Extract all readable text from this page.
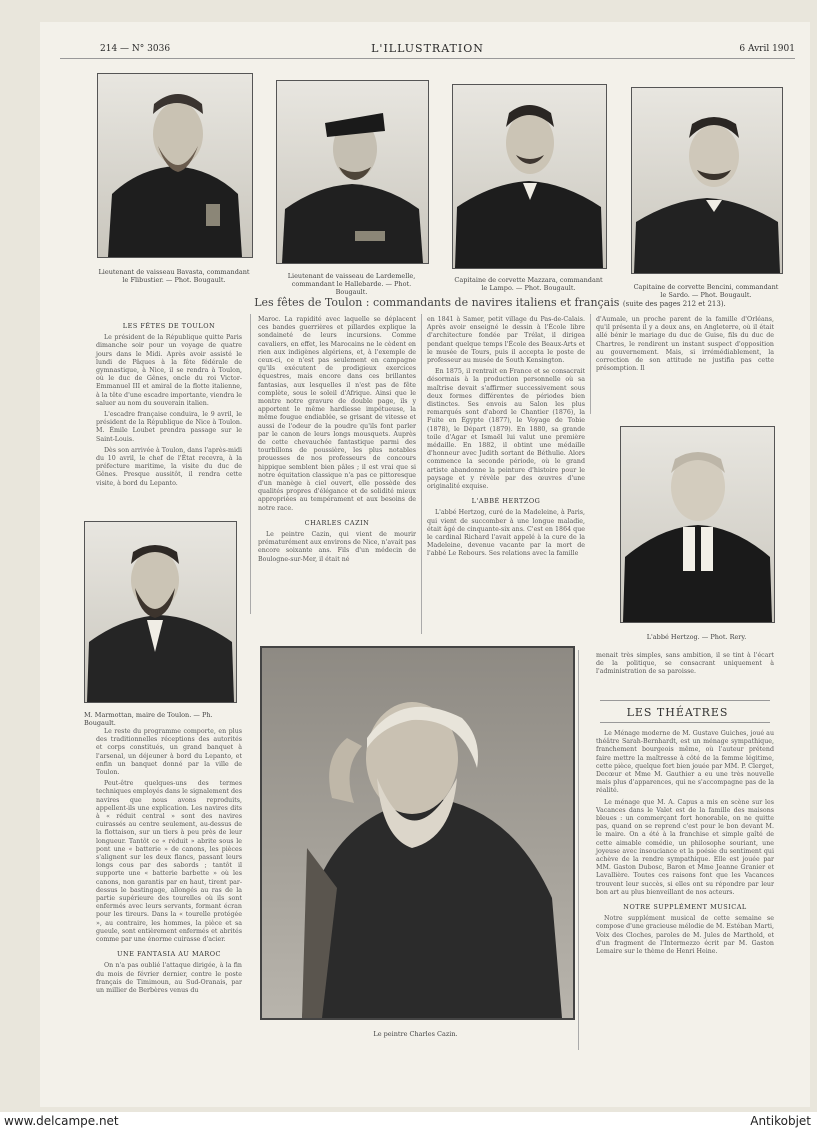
214 — N° 3036	L'ILLUSTRATION	6 Avril 1901
Lieutenant de vaisseau Bavasta, commandant le Flibustier. — Phot. Bougault.	Lieutenant de vaisseau de Lardemelle, commandant le Hallebarde. — Phot. Bougault.
Capitaine de corvette Mazzara, commandant le Lampo. — Phot. Bougault.	Capitaine de corvette Bencini, commandant le Sardo. — Phot. Bougault.
Les fêtes de Toulon : commandants de navires italiens et français (suite des pages 212 et 213).
LES FÊTES DE TOULON

Le président de la République quitte Paris dimanche soir pour un voyage de quatre jours dans le Midi. Après avoir assisté le lundi de Pâques à la fête fédérale de gymnastique, à Nice, il se rendra à Toulon, où le duc de Gênes, oncle du roi Victor-Emmanuel III et amiral de la flotte italienne, à la tête d'une escadre importante, viendra le saluer au nom du souverain italien.

L'escadre française conduira, le 9 avril, le président de la République de Nice à Toulon. M. Émile Loubet prendra passage sur le Saint-Louis.

Dès son arrivée à Toulon, dans l'après-midi du 10 avril, le chef de l'État recevra, à la préfecture maritime, la visite du duc de Gênes. Presque aussitôt, il rendra cette visite, à bord du Lepanto.

M. Marmottan, maire de Toulon. — Ph. Bougault.

Le reste du programme comporte, en plus des traditionnelles réceptions des autorités et corps constitués, un grand banquet à l'arsenal, un déjeuner à bord du Lepanto, et enfin un banquet donné par la ville de Toulon.

Peut-être quelques-uns des termes techniques employés dans le signalement des navires que nous avons reproduits, appellent-ils une explication. Les navires dits à « réduit central » sont des navires cuirassés au centre seulement, au-dessus de la flottaison, sur un tiers à peu près de leur longueur. Tantôt ce « réduit » abrite sous le pont une « batterie » de canons, les pièces s'alignent sur les deux flancs, passant leurs longs cous par des sabords ; tantôt il supporte une « batterie barbette » où les canons, non garantis par en haut, tirent par-dessus le bastingage, allongés au ras de la partie supérieure des tourelles où ils sont enfermés avec leurs servants, formant écran pour les tireurs. Dans la « tourelle protégée », au contraire, les hommes, la pièce et sa gueule, sont entièrement enfermés et abrités comme par une énorme cuirasse d'acier.

UNE FANTASIA AU MAROC

On n'a pas oublié l'attaque dirigée, à la fin du mois de février dernier, contre le poste français de Timimoun, au Sud-Oranais, par un millier de Berbères venus du

Maroc. La rapidité avec laquelle se déplacent ces bandes guerrières et pillardes explique la sondaineté de leurs incursions. Comme cavaliers, en effet, les Marocains ne le cèdent en rien aux indigènes algériens, et, à l'exemple de ceux-ci, ce n'est pas seulement en campagne qu'ils exécutent de prodigieux exercices équestres, mais encore dans ces brillantes fantasias, aux lesquelles il n'est pas de fête complète, sous le soleil d'Afrique. Ainsi que le montre notre gravure de double page, ils y apportent le même hardiesse impétueuse, la même fougue endiablée, se grisant de vitesse et aussi de l'odeur de la poudre qu'ils font parler par le canon de leurs longs mousquets. Auprès de cette chevauchée fantastique parmi des tourbillons de poussière, les plus notables prouesses de nos professeurs de concours hippique semblent bien pâles ; il est vrai que si notre équitation classique n'a pas ce pittoresque d'un manège à ciel ouvert, elle possède des qualités propres d'élégance et de solidité mieux appropriées au tempérament et aux besoins de notre race.

CHARLES CAZIN

Le peintre Cazin, qui vient de mourir prématurément aux environs de Nice, n'avait pas encore soixante ans. Fils d'un médecin de Boulogne-sur-Mer, il était né

en 1841 à Samer, petit village du Pas-de-Calais. Après avoir enseigné le dessin à l'École libre d'architecture fondée par Trélat, il dirigea pendant quelque temps l'École des Beaux-Arts et le musée de Tours, puis il accepta le poste de professeur au musée de South Kensington.

En 1875, il rentrait en France et se consacrait désormais à la production personnelle où sa maîtrise devait s'affirmer successivement sous deux formes différentes de périodes bien distinctes. Ses envois au Salon les plus remarqués sont d'abord le Chantier (1876), la Fuite en Égypte (1877), le Voyage de Tobie (1878), le Départ (1879). En 1880, sa grande toile d'Agar et Ismaël lui valut une première médaille. En 1882, il obtint une médaille d'honneur avec Judith sortant de Béthulie. Alors commence la seconde période, où le grand artiste abandonne la peinture d'histoire pour le paysage et y révèle par des œuvres d'une originalité exquise.

L'ABBÉ HERTZOG

L'abbé Hertzog, curé de la Madeleine, à Paris, qui vient de succomber à une longue maladie, était âgé de cinquante-six ans. C'est en 1864 que le cardinal Richard l'avait appelé à la cure de la Madeleine, devenue vacante par la mort de l'abbé Le Rebours. Ses relations avec la famille

d'Aumale, un proche parent de la famille d'Orléans, qu'il présenta il y a deux ans, en Angleterre, où il était allé bénir le mariage du duc de Guise, fils du duc de Chartres, le rendirent un instant suspect d'opposition au gouvernement. Mais, si irrémédiablement, la correction de son attitude ne justifia pas cette présomption. Il

L'abbé Hertzog. — Phot. Rery.

menait très simples, sans ambition, il se tint à l'écart de la politique, se consacrant uniquement à l'administration de sa paroisse.

LES THÉATRES

Le Ménage moderne de M. Gustave Guiches, joué au théâtre Sarah-Bernhardt, est un ménage sympathique, franchement bourgeois même, où l'auteur prétend faire mettre la maîtresse à côté de la femme légitime, cette pièce, quelque fort bien jouée par MM. P. Clerget, Decœur et Mme M. Gauthier a eu une très nouvelle mais plus d'apparences, qui ne s'accompagne pas de la réalité.

Le ménage que M. A. Capus a mis en scène sur les Vacances dans le Valet est de la famille des maisons bleues : un commerçant fort honorable, on ne quitte pas, quand on se reprend c'est pour le bon devant M. le maire. On a été à la franchise et simple gaîté de cette aimable comédie, un philosophe souriant, une joyeuse avec insouciance et la poésie du sentiment qui achève de la rendre sympathique. Elle est jouée par MM. Gaston Dubosc, Baron et Mme Jeanne Granier et Lavallière. Toutes ces raisons font que les Vacances trouvent leur succès, si elles ont su répondre par leur bon art au plus bienveillant de nos acteurs.

NOTRE SUPPLÉMENT MUSICAL

Notre supplément musical de cette semaine se compose d'une gracieuse mélodie de M. Estéban Marti, Voix des Cloches, paroles de M. Jules de Marthold, et d'un fragment de l'Intermezzo écrit par M. Gaston Lemaire sur le thème de Henri Heine.

Le peintre Charles Cazin.
www.delcampe.net	Antikobjet
